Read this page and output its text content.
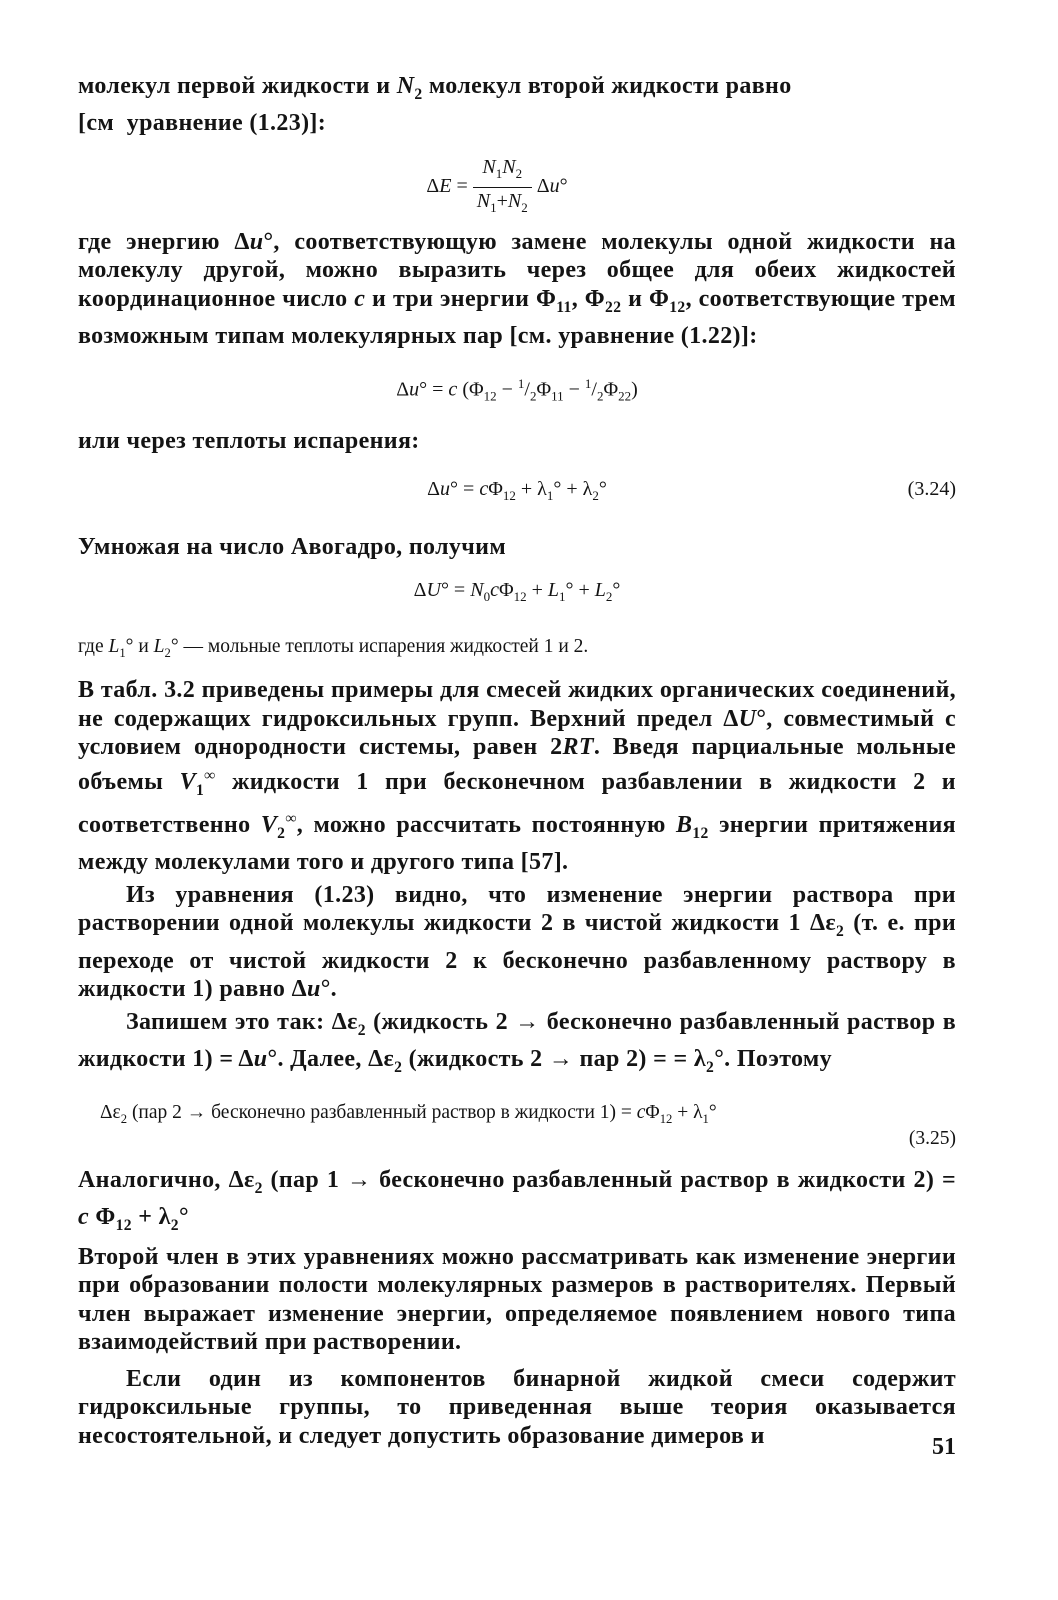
молекул первой жидкости и $N_2$ молекул второй жидкости равно
[см  уравнение (1.23)]:

$\Delta E = \frac{N_1N_2}{N_1+N_2} \Delta u^\circ$

где энергию Δu°, соответствующую замене молекулы одной жидкости на молекулу другой, можно выразить через общее для обеих жидкостей координационное число c и три энергии $\Phi_{11}$, $\Phi_{22}$ и $\Phi_{12}$, соответствующие трем возможным типам молекулярных пар [см. уравнение (1.22)]:

Δu° = c $(\Phi_{12} - ^1/_2\Phi_{11} - ^1/_2\Phi_{22})$

или через теплоты испарения:

$\Delta u^\circ = c\Phi_{12} + \lambda_1^\circ + \lambda_2^\circ$	(3.24)

Умножая на число Авогадро, получим

$\Delta U^\circ = N_0c\Phi_{12} + L_1^\circ + L_2^\circ$

где $L_1^\circ$ и $L_2^\circ$ — мольные теплоты испарения жидкостей 1 и 2.

В табл. 3.2 приведены примеры для смесей жидких органических соединений, не содержащих гидроксильных групп. Верхний предел ΔU°, совместимый с условием однородности системы, равен 2RT. Введя парциальные мольные объемы $V_1^\infty$ жидкости 1 при бесконечном разбавлении в жидкости 2 и соответственно $V_2^\infty$, можно рассчитать постоянную $B_{12}$ энергии притяжения между молекулами того и другого типа [57].

Из уравнения (1.23) видно, что изменение энергии раствора при растворении одной молекулы жидкости 2 в чистой жидкости 1 $\Delta\varepsilon_2$ (т. е. при переходе от чистой жидкости 2 к бесконечно разбавленному раствору в жидкости 1) равно Δu°.

Запишем это так: $\Delta\varepsilon_2$ (жидкость 2 → бесконечно разбавленный раствор в жидкости 1) = Δu°. Далее, $\Delta\varepsilon_2$ (жидкость 2 → пар 2) = = $\lambda_2^\circ$. Поэтому

$\Delta\varepsilon_2$ (пар 2 → бесконечно разбавленный раствор в жидкости $1) = c\Phi_{12} + \lambda_1^\circ$
(3.25)

Аналогично, $\Delta\varepsilon_2$ (пар 1 → бесконечно разбавленный раствор в жидкости 2) = c $\Phi_{12} + \lambda_2^\circ$

Второй член в этих уравнениях можно рассматривать как изменение энергии при образовании полости молекулярных размеров в растворителях. Первый член выражает изменение энергии, определяемое появлением нового типа взаимодействий при растворении.

Если один из компонентов бинарной жидкой смеси содержит гидроксильные группы, то приведенная выше теория оказывается несостоятельной, и следует допустить образование димеров и	51
